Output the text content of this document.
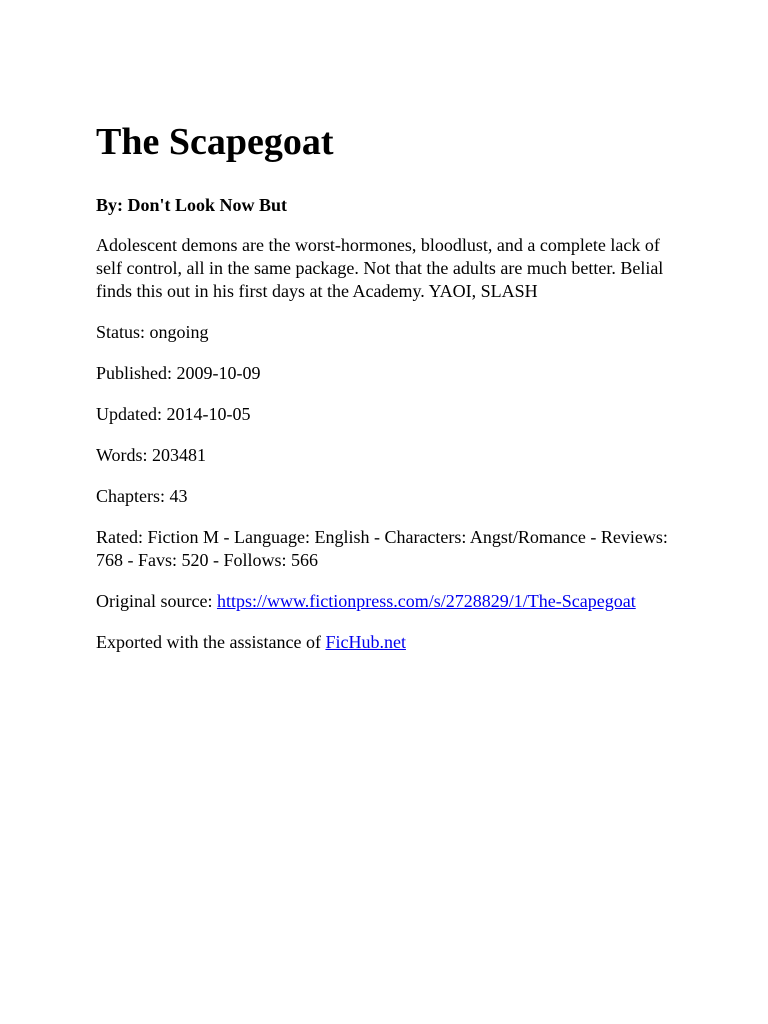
The Scapegoat

By: Don't Look Now But

Adolescent demons are the worst-hormones, bloodlust, and a complete lack of self control, all in the same package. Not that the adults are much better. Belial finds this out in his first days at the Academy. YAOI, SLASH

Status: ongoing

Published: 2009-10-09

Updated: 2014-10-05

Words: 203481

Chapters: 43

Rated: Fiction M - Language: English - Characters: Angst/Romance - Reviews: 768 - Favs: 520 - Follows: 566

Original source: https://www.fictionpress.com/s/2728829/1/The-Scapegoat

Exported with the assistance of FicHub.net
